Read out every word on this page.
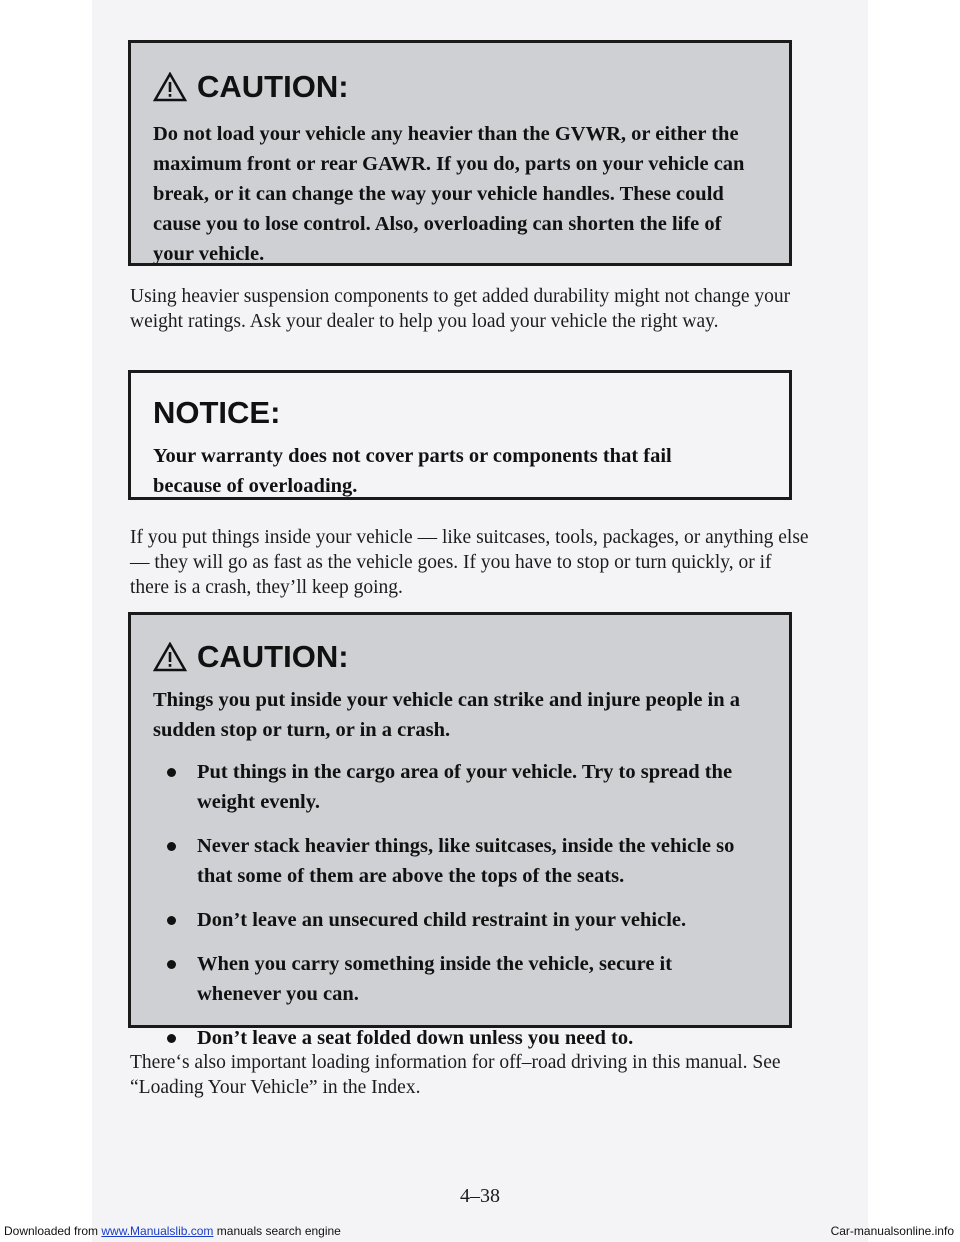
CAUTION:

Do not load your vehicle any heavier than the GVWR, or either the maximum front or rear GAWR. If you do, parts on your vehicle can break, or it can change the way your vehicle handles. These could cause you to lose control. Also, overloading can shorten the life of your vehicle.

Using heavier suspension components to get added durability might not change your weight ratings. Ask your dealer to help you load your vehicle the right way.

NOTICE:

Your warranty does not cover parts or components that fail because of overloading.

If you put things inside your vehicle — like suitcases, tools, packages, or anything else — they will go as fast as the vehicle goes. If you have to stop or turn quickly, or if there is a crash, they’ll keep going.

CAUTION:

Things you put inside your vehicle can strike and injure people in a sudden stop or turn, or in a crash.

Put things in the cargo area of your vehicle. Try to spread the weight evenly.
Never stack heavier things, like suitcases, inside the vehicle so that some of them are above the tops of the seats.
Don’t leave an unsecured child restraint in your vehicle.
When you carry something inside the vehicle, secure it whenever you can.
Don’t leave a seat folded down unless you need to.

There‘s also important loading information for off–road driving in this manual. See “Loading Your Vehicle” in the Index.

4–38
Downloaded from www.Manualslib.com manuals search engine	Car-manualsonline.info
